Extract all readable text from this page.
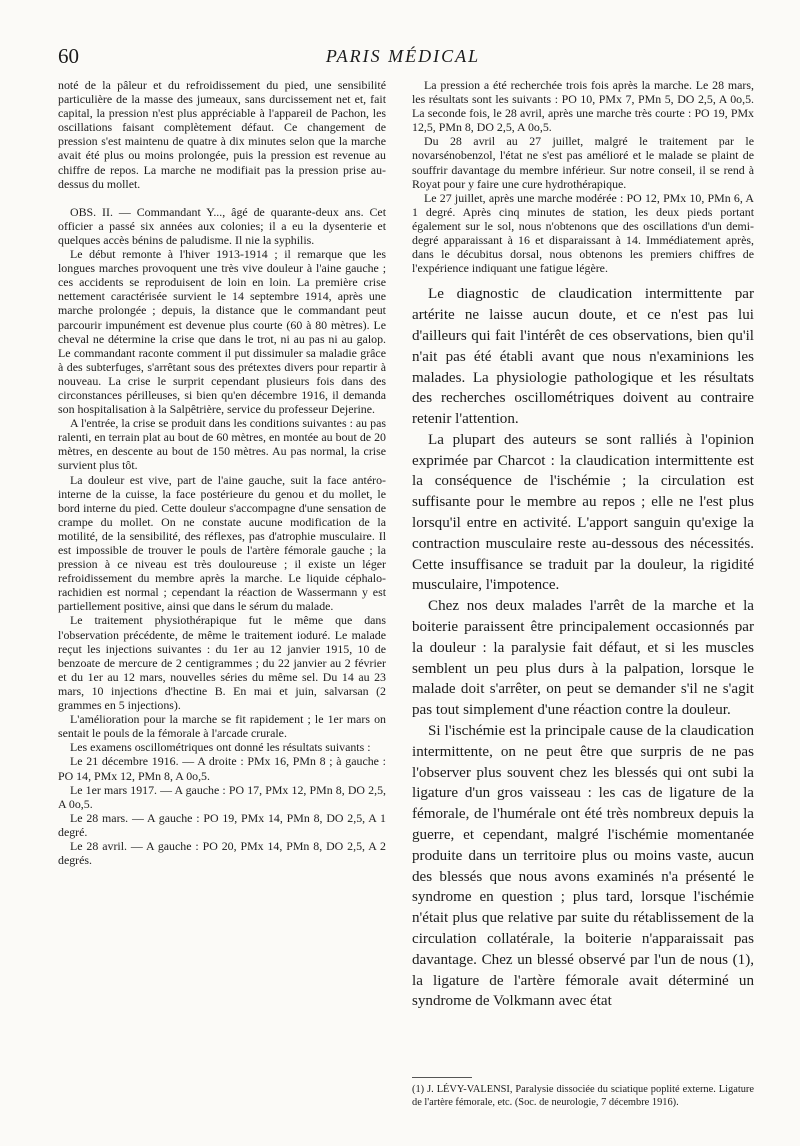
60	PARIS MÉDICAL

noté de la pâleur et du refroidissement du pied, une sensibilité particulière de la masse des jumeaux, sans durcissement net et, fait capital, la pression n'est plus appréciable à l'appareil de Pachon, les oscillations faisant complètement défaut. Ce changement de pression s'est maintenu de quatre à dix minutes selon que la marche avait été plus ou moins prolongée, puis la pression est revenue au chiffre de repos. La marche ne modifiait pas la pression prise au-dessus du mollet.

OBS. II. — Commandant Y..., âgé de quarante-deux ans. Cet officier a passé six années aux colonies; il a eu la dysenterie et quelques accès bénins de paludisme. Il nie la syphilis.

Le début remonte à l'hiver 1913-1914 ; il remarque que les longues marches provoquent une très vive douleur à l'aine gauche ; ces accidents se reproduisent de loin en loin. La première crise nettement caractérisée survient le 14 septembre 1914, après une marche prolongée ; depuis, la distance que le commandant peut parcourir impunément est devenue plus courte (60 à 80 mètres). Le cheval ne détermine la crise que dans le trot, ni au pas ni au galop. Le commandant raconte comment il put dissimuler sa maladie grâce à des subterfuges, s'arrêtant sous des prétextes divers pour repartir à nouveau. La crise le surprit cependant plusieurs fois dans des circonstances périlleuses, si bien qu'en décembre 1916, il demanda son hospitalisation à la Salpêtrière, service du professeur Dejerine.

A l'entrée, la crise se produit dans les conditions suivantes : au pas ralenti, en terrain plat au bout de 60 mètres, en montée au bout de 20 mètres, en descente au bout de 150 mètres. Au pas normal, la crise survient plus tôt.

La douleur est vive, part de l'aine gauche, suit la face antéro-interne de la cuisse, la face postérieure du genou et du mollet, le bord interne du pied. Cette douleur s'accompagne d'une sensation de crampe du mollet. On ne constate aucune modification de la motilité, de la sensibilité, des réflexes, pas d'atrophie musculaire. Il est impossible de trouver le pouls de l'artère fémorale gauche ; la pression à ce niveau est très douloureuse ; il existe un léger refroidissement du membre après la marche. Le liquide céphalo-rachidien est normal ; cependant la réaction de Wassermann y est partiellement positive, ainsi que dans le sérum du malade.

Le traitement physiothérapique fut le même que dans l'observation précédente, de même le traitement ioduré. Le malade reçut les injections suivantes : du 1er au 12 janvier 1915, 10 de benzoate de mercure de 2 centigrammes ; du 22 janvier au 2 février et du 1er au 12 mars, nouvelles séries du même sel. Du 14 au 23 mars, 10 injections d'hectine B. En mai et juin, salvarsan (2 grammes en 5 injections).

L'amélioration pour la marche se fit rapidement ; le 1er mars on sentait le pouls de la fémorale à l'arcade crurale.

Les examens oscillométriques ont donné les résultats suivants :

Le 21 décembre 1916. — A droite : PMx 16, PMn 8 ; à gauche : PO 14, PMx 12, PMn 8, A 0o,5.

Le 1er mars 1917. — A gauche : PO 17, PMx 12, PMn 8, DO 2,5, A 0o,5.

Le 28 mars. — A gauche : PO 19, PMx 14, PMn 8, DO 2,5, A 1 degré.

Le 28 avril. — A gauche : PO 20, PMx 14, PMn 8, DO 2,5, A 2 degrés.

La pression a été recherchée trois fois après la marche. Le 28 mars, les résultats sont les suivants : PO 10, PMx 7, PMn 5, DO 2,5, A 0o,5. La seconde fois, le 28 avril, après une marche très courte : PO 19, PMx 12,5, PMn 8, DO 2,5, A 0o,5.

Du 28 avril au 27 juillet, malgré le traitement par le novarsénobenzol, l'état ne s'est pas amélioré et le malade se plaint de souffrir davantage du membre inférieur. Sur notre conseil, il se rend à Royat pour y faire une cure hydrothérapique.

Le 27 juillet, après une marche modérée : PO 12, PMx 10, PMn 6, A 1 degré. Après cinq minutes de station, les deux pieds portant également sur le sol, nous n'obtenons que des oscillations d'un demi-degré apparaissant à 16 et disparaissant à 14. Immédiatement après, dans le décubitus dorsal, nous obtenons les premiers chiffres de l'expérience indiquant une fatigue légère.

Le diagnostic de claudication intermittente par artérite ne laisse aucun doute, et ce n'est pas lui d'ailleurs qui fait l'intérêt de ces observations, bien qu'il n'ait pas été établi avant que nous n'examinions les malades. La physiologie pathologique et les résultats des recherches oscillométriques doivent au contraire retenir l'attention.

La plupart des auteurs se sont ralliés à l'opinion exprimée par Charcot : la claudication intermittente est la conséquence de l'ischémie ; la circulation est suffisante pour le membre au repos ; elle ne l'est plus lorsqu'il entre en activité. L'apport sanguin qu'exige la contraction musculaire reste au-dessous des nécessités. Cette insuffisance se traduit par la douleur, la rigidité musculaire, l'impotence.

Chez nos deux malades l'arrêt de la marche et la boiterie paraissent être principalement occasionnés par la douleur : la paralysie fait défaut, et si les muscles semblent un peu plus durs à la palpation, lorsque le malade doit s'arrêter, on peut se demander s'il ne s'agit pas tout simplement d'une réaction contre la douleur.

Si l'ischémie est la principale cause de la claudication intermittente, on ne peut être que surpris de ne pas l'observer plus souvent chez les blessés qui ont subi la ligature d'un gros vaisseau : les cas de ligature de la fémorale, de l'humérale ont été très nombreux depuis la guerre, et cependant, malgré l'ischémie momentanée produite dans un territoire plus ou moins vaste, aucun des blessés que nous avons examinés n'a présenté le syndrome en question ; plus tard, lorsque l'ischémie n'était plus que relative par suite du rétablissement de la circulation collatérale, la boiterie n'apparaissait pas davantage. Chez un blessé observé par l'un de nous (1), la ligature de l'artère fémorale avait déterminé un syndrome de Volkmann avec état

(1) J. LÉVY-VALENSI, Paralysie dissociée du sciatique poplité externe. Ligature de l'artère fémorale, etc. (Soc. de neurologie, 7 décembre 1916).
